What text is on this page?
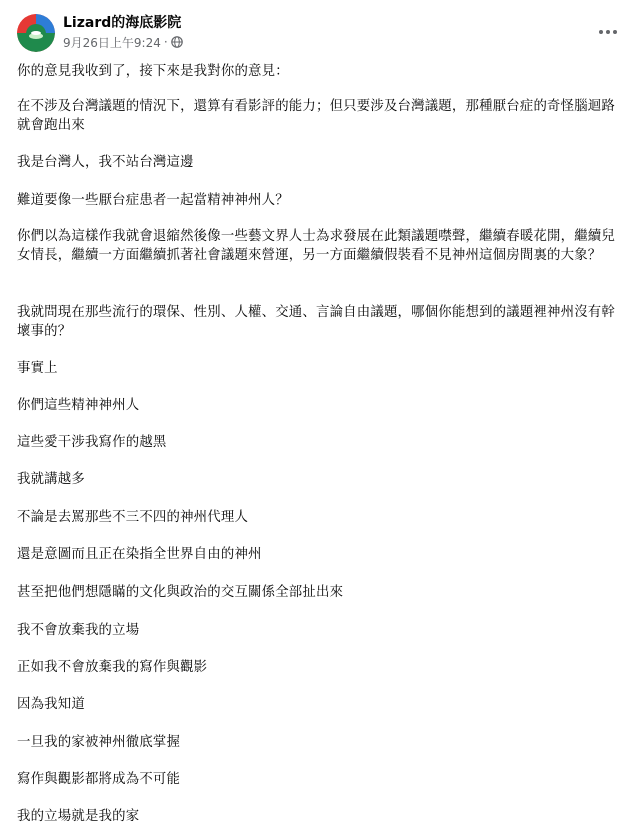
Lizard的海底影院
9月26日上午9:24 ·

你的意見我收到了，接下來是我對你的意見：

在不涉及台灣議題的情況下，還算有看影評的能力；但只要涉及台灣議題，那種厭台症的奇怪腦迴路就會跑出來

我是台灣人，我不站台灣這邊

難道要像一些厭台症患者一起當精神神州人？

你們以為這樣作我就會退縮然後像一些藝文界人士為求發展在此類議題噤聲，繼續春暖花開，繼續兒女情長，繼續一方面繼續抓著社會議題來營運，另一方面繼續假裝看不見神州這個房間裏的大象？

我就問現在那些流行的環保、性別、人權、交通、言論自由議題，哪個你能想到的議題裡神州沒有幹壞事的？

事實上

你們這些精神神州人

這些愛干涉我寫作的越黑

我就講越多

不論是去罵那些不三不四的神州代理人

還是意圖而且正在染指全世界自由的神州

甚至把他們想隱瞞的文化與政治的交互關係全部扯出來

我不會放棄我的立場

正如我不會放棄我的寫作與觀影

因為我知道

一旦我的家被神州徹底掌握

寫作與觀影都將成為不可能

我的立場就是我的家
